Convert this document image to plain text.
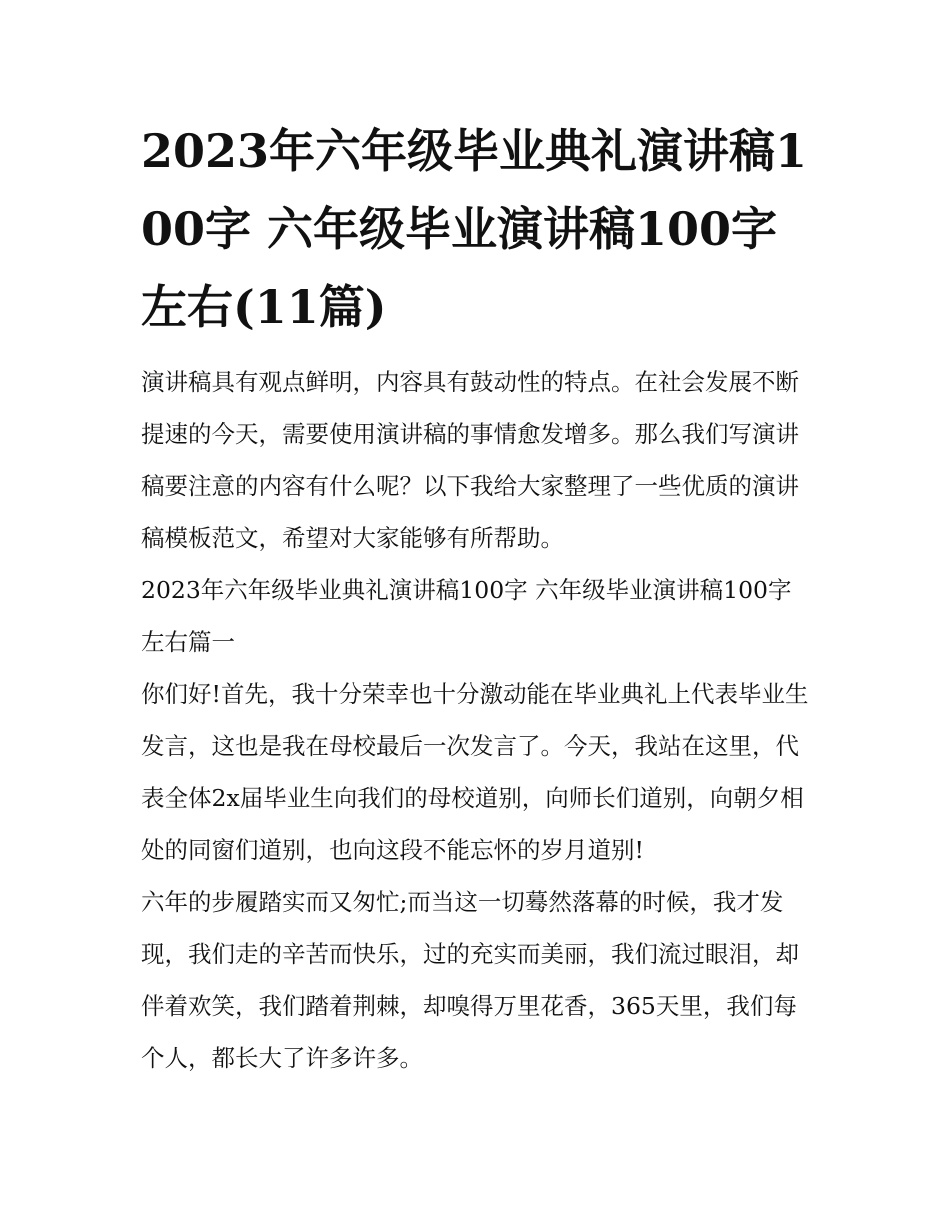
2023年六年级毕业典礼演讲稿100字 六年级毕业演讲稿100字左右(11篇)

演讲稿具有观点鲜明，内容具有鼓动性的特点。在社会发展不断提速的今天，需要使用演讲稿的事情愈发增多。那么我们写演讲稿要注意的内容有什么呢？以下我给大家整理了一些优质的演讲稿模板范文，希望对大家能够有所帮助。

2023年六年级毕业典礼演讲稿100字 六年级毕业演讲稿100字左右篇一

你们好!首先，我十分荣幸也十分激动能在毕业典礼上代表毕业生发言，这也是我在母校最后一次发言了。今天，我站在这里，代表全体2x届毕业生向我们的母校道别，向师长们道别，向朝夕相处的同窗们道别，也向这段不能忘怀的岁月道别!

六年的步履踏实而又匆忙;而当这一切蓦然落幕的时候，我才发现，我们走的辛苦而快乐，过的充实而美丽，我们流过眼泪，却伴着欢笑，我们踏着荆棘，却嗅得万里花香，365天里，我们每个人，都长大了许多许多。
